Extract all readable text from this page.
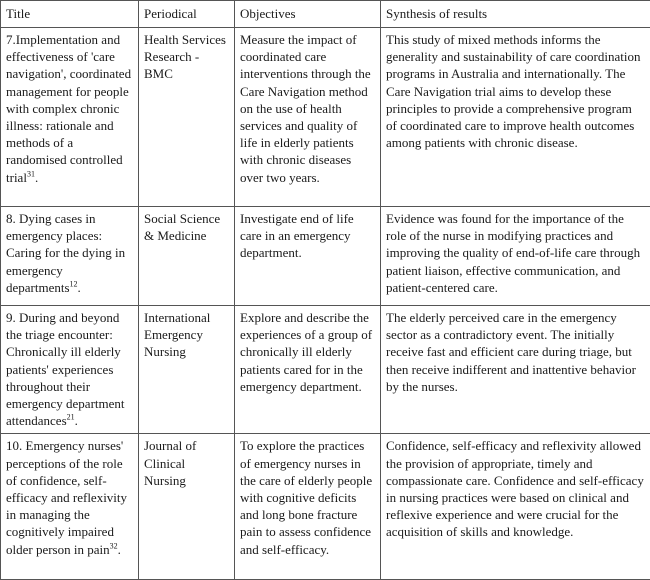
Title	Periodical	Objectives	Synthesis of results
7.Implementation and effectiveness of 'care navigation', coordinated management for people with complex chronic illness: rationale and methods of a randomised controlled trial$^{31}$.	Health Services Research - BMC	Measure the impact of coordinated care interventions through the Care Navigation method on the use of health services and quality of life in elderly patients with chronic diseases over two years.	This study of mixed methods informs the generality and sustainability of care coordination programs in Australia and internationally. The Care Navigation trial aims to develop these principles to provide a comprehensive program of coordinated care to improve health outcomes among patients with chronic disease.
8. Dying cases in emergency places: Caring for the dying in emergency departments$^{12}$.	Social Science & Medicine	Investigate end of life care in an emergency department.	Evidence was found for the importance of the role of the nurse in modifying practices and improving the quality of end-of-life care through patient liaison, effective communication, and patient-centered care.
9. During and beyond the triage encounter: Chronically ill elderly patients' experiences throughout their emergency department attendances$^{21}$.	International Emergency Nursing	Explore and describe the experiences of a group of chronically ill elderly patients cared for in the emergency department.	The elderly perceived care in the emergency sector as a contradictory event. The initially receive fast and efficient care during triage, but then receive indifferent and inattentive behavior by the nurses.
10. Emergency nurses' perceptions of the role of confidence, self-efficacy and reflexivity in managing the cognitively impaired older person in pain$^{32}$.	Journal of Clinical Nursing	To explore the practices of emergency nurses in the care of elderly people with cognitive deficits and long bone fracture pain to assess confidence and self-efficacy.	Confidence, self-efficacy and reflexivity allowed the provision of appropriate, timely and compassionate care. Confidence and self-efficacy in nursing practices were based on clinical and reflexive experience and were crucial for the acquisition of skills and knowledge.
